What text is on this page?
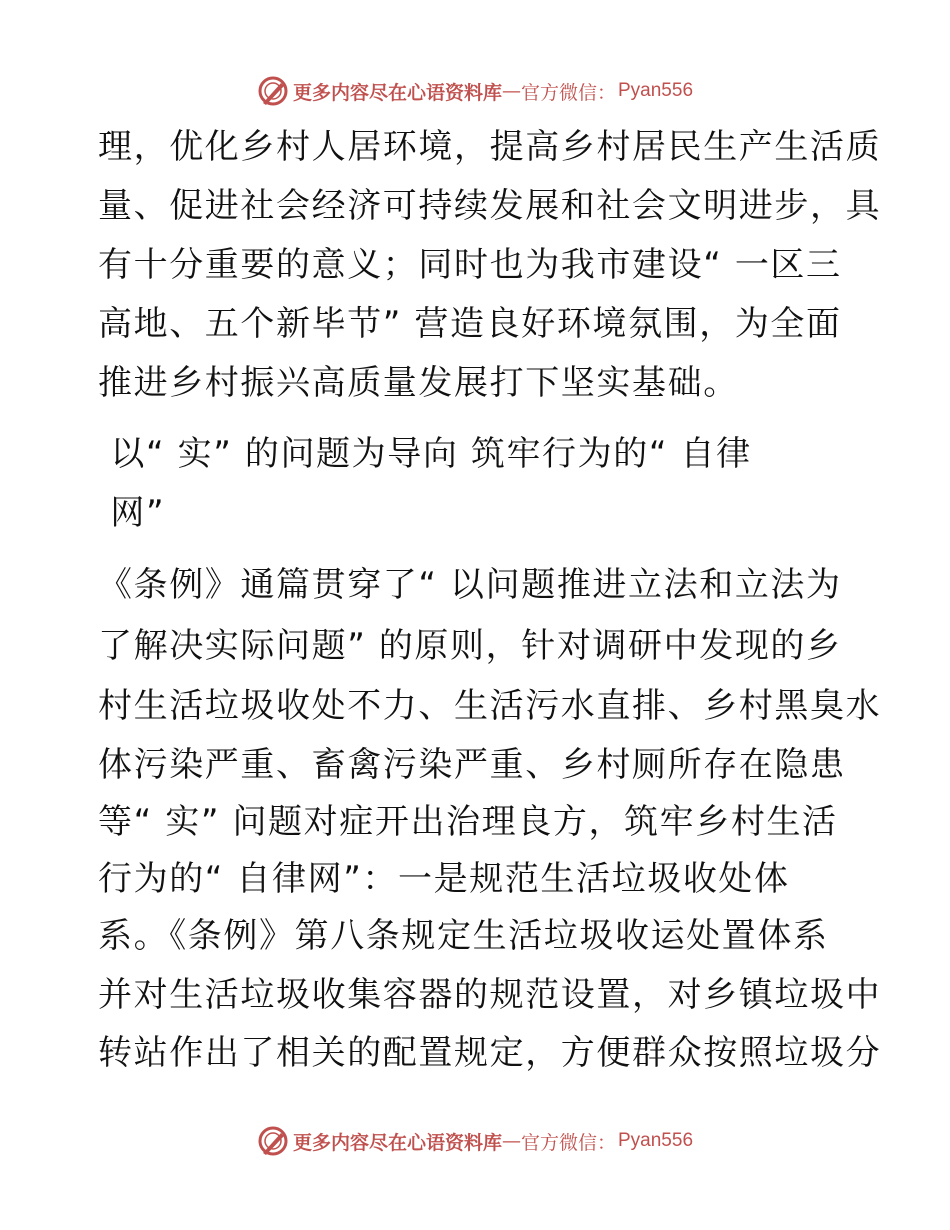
更多内容尽在心语资料库 — 官方微信： Pyan556

理，优化乡村人居环境，提高乡村居民生产生活质

量、促进社会经济可持续发展和社会文明进步，具

有十分重要的意义；同时也为我市建设“ 一区三

高地、五个新毕节” 营造良好环境氛围，为全面

推进乡村振兴高质量发展打下坚实基础。

以“ 实” 的问题为导向 筑牢行为的“ 自律

网”

《条例》通篇贯穿了“ 以问题推进立法和立法为

了解决实际问题” 的原则，针对调研中发现的乡

村生活垃圾收处不力、生活污水直排、乡村黑臭水

体污染严重、畜禽污染严重、乡村厕所存在隐患

等“ 实” 问题对症开出治理良方，筑牢乡村生活

行为的“ 自律网”：一是规范生活垃圾收处体

系。《条例》第八条规定生活垃圾收运处置体系

并对生活垃圾收集容器的规范设置，对乡镇垃圾中

转站作出了相关的配置规定，方便群众按照垃圾分

更多内容尽在心语资料库 — 官方微信： Pyan556
